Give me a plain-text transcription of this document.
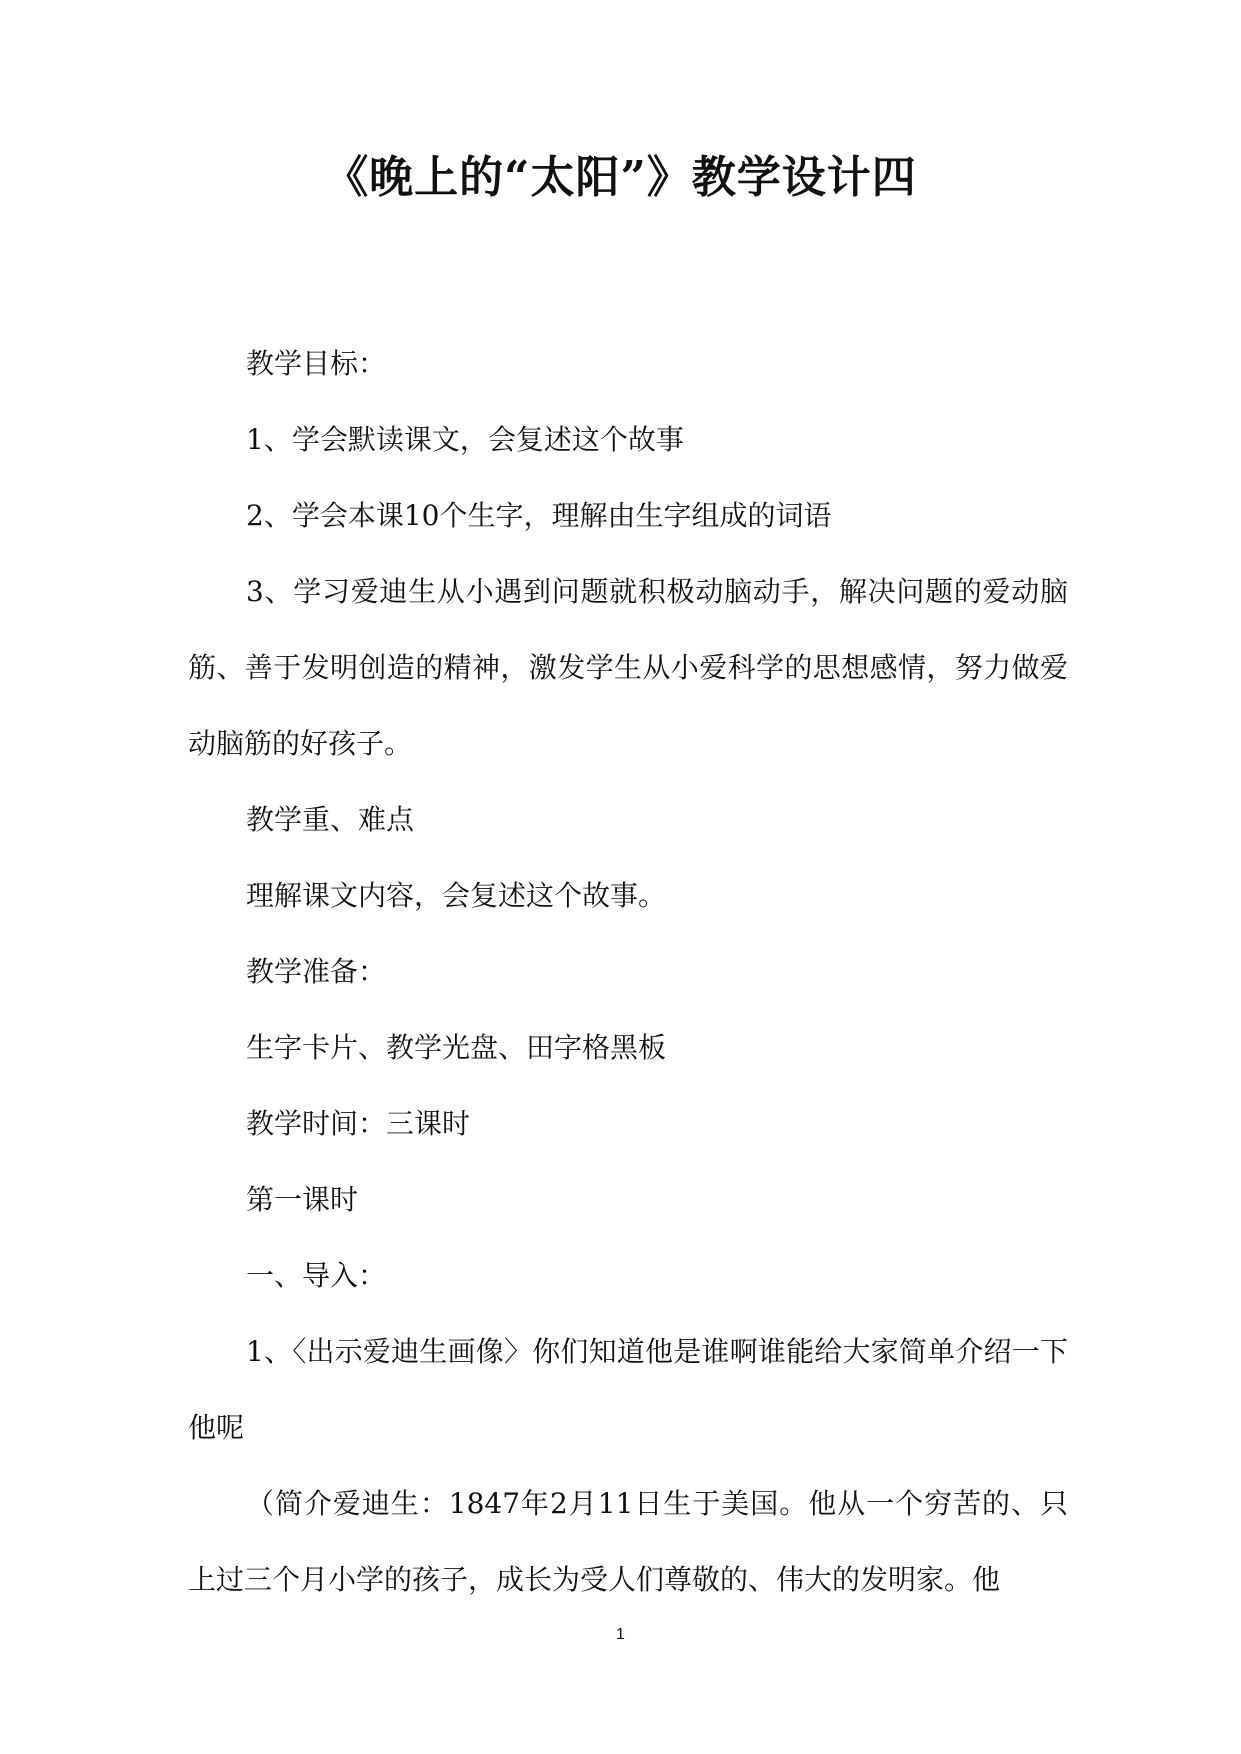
《晚上的“太阳”》教学设计四

教学目标：

1、学会默读课文，会复述这个故事

2、学会本课10个生字，理解由生字组成的词语

3、学习爱迪生从小遇到问题就积极动脑动手，解决问题的爱动脑筋、善于发明创造的精神，激发学生从小爱科学的思想感情，努力做爱动脑筋的好孩子。

教学重、难点

理解课文内容，会复述这个故事。

教学准备：

生字卡片、教学光盘、田字格黑板

教学时间：三课时

第一课时

一、导入：

1、〈出示爱迪生画像〉你们知道他是谁啊谁能给大家简单介绍一下他呢

（简介爱迪生：1847年2月11日生于美国。他从一个穷苦的、只上过三个月小学的孩子，成长为受人们尊敬的、伟大的发明家。他

1
